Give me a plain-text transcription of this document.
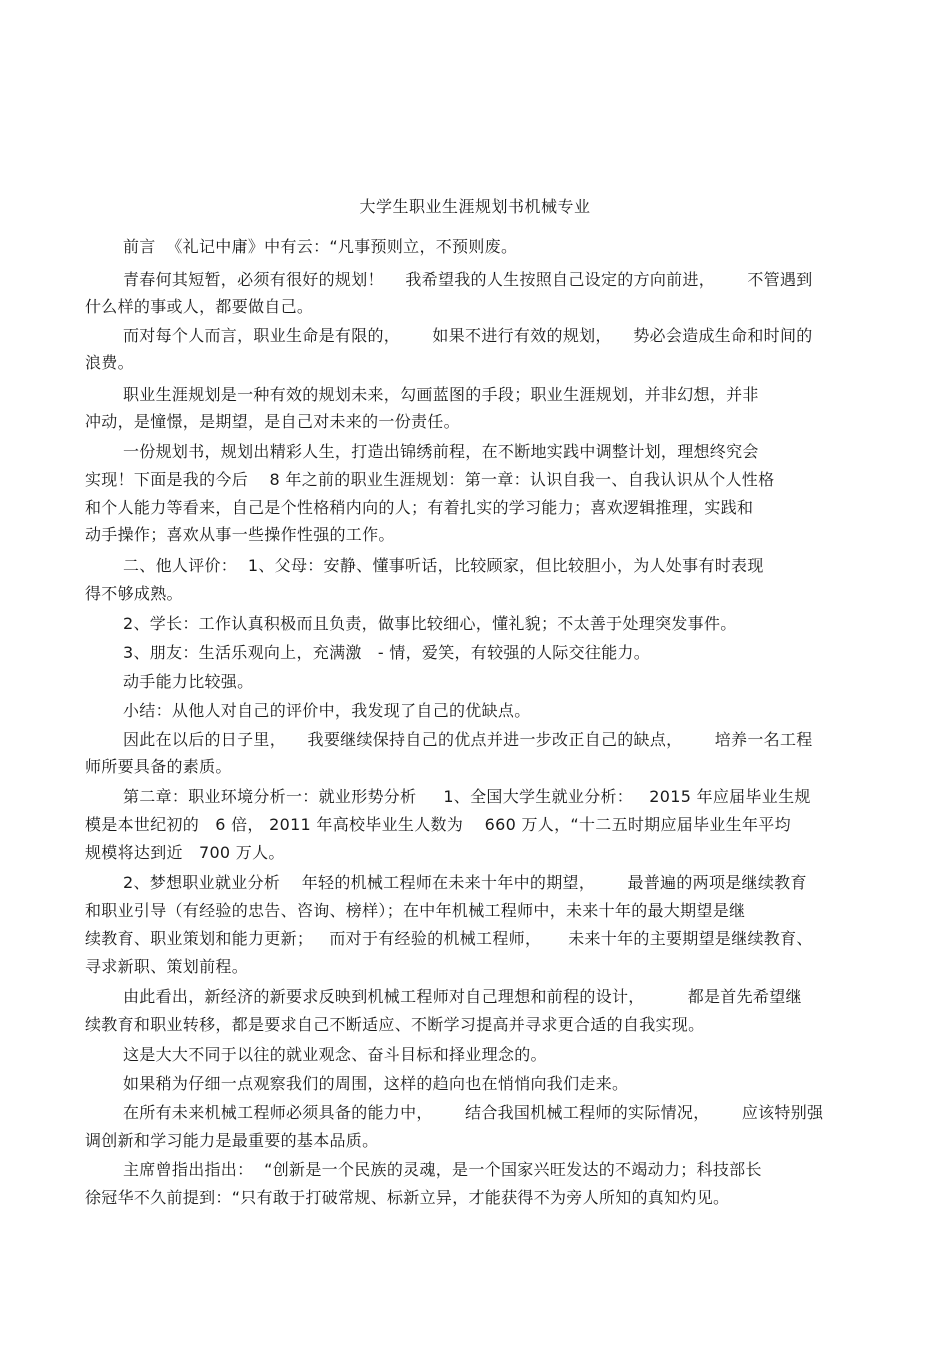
大学生职业生涯规划书机械专业
前言  《礼记中庸》中有云：“凡事预则立，不预则废。
青春何其短暂，必须有很好的规划！    我希望我的人生按照自己设定的方向前进，      不管遇到
什么样的事或人，都要做自己。
而对每个人而言，职业生命是有限的，      如果不进行有效的规划，    势必会造成生命和时间的
浪费。
职业生涯规划是一种有效的规划未来，勾画蓝图的手段；职业生涯规划，并非幻想，并非
冲动，是憧憬，是期望，是自己对未来的一份责任。
一份规划书，规划出精彩人生，打造出锦绣前程，在不断地实践中调整计划，理想终究会
实现！下面是我的今后    8 年之前的职业生涯规划：第一章：认识自我一、自我认识从个人性格
和个人能力等看来，自己是个性格稍内向的人；有着扎实的学习能力；喜欢逻辑推理，实践和
动手操作；喜欢从事一些操作性强的工作。
二、他人评价：  1、父母：安静、懂事听话，比较顾家，但比较胆小，为人处事有时表现
得不够成熟。
2、学长：工作认真积极而且负责，做事比较细心，懂礼貌；不太善于处理突发事件。
3、朋友：生活乐观向上，充满激   - 情，爱笑，有较强的人际交往能力。
动手能力比较强。
小结：从他人对自己的评价中，我发现了自己的优缺点。
因此在以后的日子里，    我要继续保持自己的优点并进一步改正自己的缺点，      培养一名工程
师所要具备的素质。
第二章：职业环境分析一：就业形势分析     1、全国大学生就业分析：   2015 年应届毕业生规
模是本世纪初的   6 倍， 2011 年高校毕业生人数为    660 万人，“十二五时期应届毕业生年平均
规模将达到近   700 万人。
2、梦想职业就业分析    年轻的机械工程师在未来十年中的期望，      最普遍的两项是继续教育
和职业引导（有经验的忠告、咨询、榜样）；在中年机械工程师中，未来十年的最大期望是继
续教育、职业策划和能力更新；   而对于有经验的机械工程师，     未来十年的主要期望是继续教育、
寻求新职、策划前程。
由此看出，新经济的新要求反映到机械工程师对自己理想和前程的设计，        都是首先希望继
续教育和职业转移，都是要求自己不断适应、不断学习提高并寻求更合适的自我实现。
这是大大不同于以往的就业观念、奋斗目标和择业理念的。
如果稍为仔细一点观察我们的周围，这样的趋向也在悄悄向我们走来。
在所有未来机械工程师必须具备的能力中，      结合我国机械工程师的实际情况，      应该特别强
调创新和学习能力是最重要的基本品质。
主席曾指出指出：  “创新是一个民族的灵魂，是一个国家兴旺发达的不竭动力；科技部长
徐冠华不久前提到：“只有敢于打破常规、标新立异，才能获得不为旁人所知的真知灼见。
